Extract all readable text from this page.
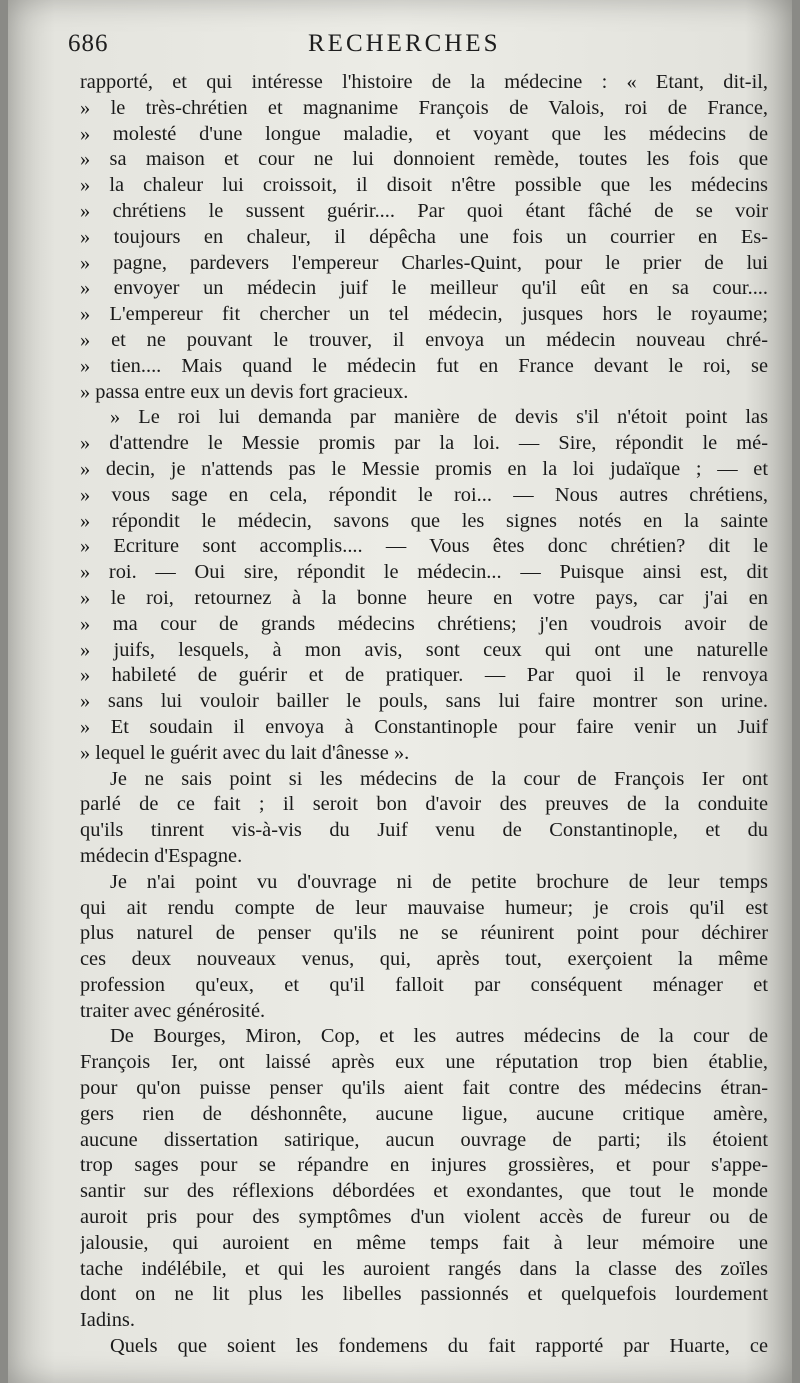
686	RECHERCHES
rapporté, et qui intéresse l'histoire de la médecine : « Etant, dit-il,
» le très-chrétien et magnanime François de Valois, roi de France,
» molesté d'une longue maladie, et voyant que les médecins de
» sa maison et cour ne lui donnoient remède, toutes les fois que
» la chaleur lui croissoit, il disoit n'être possible que les médecins
» chrétiens le sussent guérir.... Par quoi étant fâché de se voir
» toujours en chaleur, il dépêcha une fois un courrier en Es-
» pagne, pardevers l'empereur Charles-Quint, pour le prier de lui
» envoyer un médecin juif le meilleur qu'il eût en sa cour....
» L'empereur fit chercher un tel médecin, jusques hors le royaume;
» et ne pouvant le trouver, il envoya un médecin nouveau chré-
» tien.... Mais quand le médecin fut en France devant le roi, se
» passa entre eux un devis fort gracieux.
» Le roi lui demanda par manière de devis s'il n'étoit point las
» d'attendre le Messie promis par la loi. — Sire, répondit le mé-
» decin, je n'attends pas le Messie promis en la loi judaïque ; — et
» vous sage en cela, répondit le roi... — Nous autres chrétiens,
» répondit le médecin, savons que les signes notés en la sainte
» Ecriture sont accomplis.... — Vous êtes donc chrétien? dit le
» roi. — Oui sire, répondit le médecin... — Puisque ainsi est, dit
» le roi, retournez à la bonne heure en votre pays, car j'ai en
» ma cour de grands médecins chrétiens; j'en voudrois avoir de
» juifs, lesquels, à mon avis, sont ceux qui ont une naturelle
» habileté de guérir et de pratiquer. — Par quoi il le renvoya
» sans lui vouloir bailler le pouls, sans lui faire montrer son urine.
» Et soudain il envoya à Constantinople pour faire venir un Juif
» lequel le guérit avec du lait d'ânesse ».
Je ne sais point si les médecins de la cour de François Ier ont
parlé de ce fait ; il seroit bon d'avoir des preuves de la conduite
qu'ils tinrent vis-à-vis du Juif venu de Constantinople, et du
médecin d'Espagne.
Je n'ai point vu d'ouvrage ni de petite brochure de leur temps
qui ait rendu compte de leur mauvaise humeur; je crois qu'il est
plus naturel de penser qu'ils ne se réunirent point pour déchirer
ces deux nouveaux venus, qui, après tout, exerçoient la même
profession qu'eux, et qu'il falloit par conséquent ménager et
traiter avec générosité.
De Bourges, Miron, Cop, et les autres médecins de la cour de
François Ier, ont laissé après eux une réputation trop bien établie,
pour qu'on puisse penser qu'ils aient fait contre des médecins étran-
gers rien de déshonnête, aucune ligue, aucune critique amère,
aucune dissertation satirique, aucun ouvrage de parti; ils étoient
trop sages pour se répandre en injures grossières, et pour s'appe-
santir sur des réflexions débordées et exondantes, que tout le monde
auroit pris pour des symptômes d'un violent accès de fureur ou de
jalousie, qui auroient en même temps fait à leur mémoire une
tache indélébile, et qui les auroient rangés dans la classe des zoïles
dont on ne lit plus les libelles passionnés et quelquefois lourdement
Iadins.
Quels que soient les fondemens du fait rapporté par Huarte, ce
